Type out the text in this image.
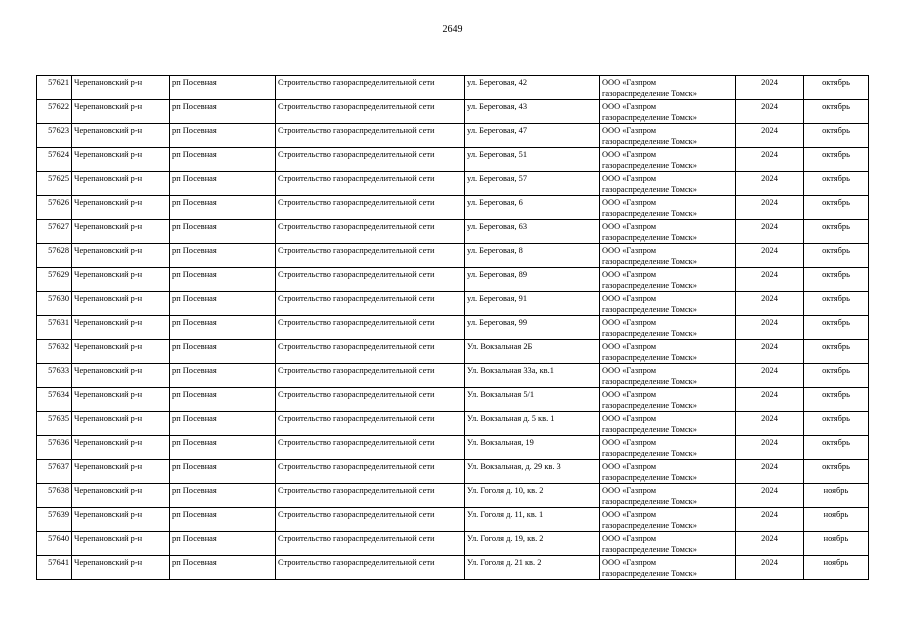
2649
57621	Черепановский р-н	рп Посевная	Строительство газораспределительной сети	ул. Береговая, 42	ООО «Газпром
газораспределение Томск»	2024	октябрь
57622	Черепановский р-н	рп Посевная	Строительство газораспределительной сети	ул. Береговая, 43	ООО «Газпром
газораспределение Томск»	2024	октябрь
57623	Черепановский р-н	рп Посевная	Строительство газораспределительной сети	ул. Береговая, 47	ООО «Газпром
газораспределение Томск»	2024	октябрь
57624	Черепановский р-н	рп Посевная	Строительство газораспределительной сети	ул. Береговая, 51	ООО «Газпром
газораспределение Томск»	2024	октябрь
57625	Черепановский р-н	рп Посевная	Строительство газораспределительной сети	ул. Береговая, 57	ООО «Газпром
газораспределение Томск»	2024	октябрь
57626	Черепановский р-н	рп Посевная	Строительство газораспределительной сети	ул. Береговая, 6	ООО «Газпром
газораспределение Томск»	2024	октябрь
57627	Черепановский р-н	рп Посевная	Строительство газораспределительной сети	ул. Береговая, 63	ООО «Газпром
газораспределение Томск»	2024	октябрь
57628	Черепановский р-н	рп Посевная	Строительство газораспределительной сети	ул. Береговая, 8	ООО «Газпром
газораспределение Томск»	2024	октябрь
57629	Черепановский р-н	рп Посевная	Строительство газораспределительной сети	ул. Береговая, 89	ООО «Газпром
газораспределение Томск»	2024	октябрь
57630	Черепановский р-н	рп Посевная	Строительство газораспределительной сети	ул. Береговая, 91	ООО «Газпром
газораспределение Томск»	2024	октябрь
57631	Черепановский р-н	рп Посевная	Строительство газораспределительной сети	ул. Береговая, 99	ООО «Газпром
газораспределение Томск»	2024	октябрь
57632	Черепановский р-н	рп Посевная	Строительство газораспределительной сети	Ул. Вокзальная 2Б	ООО «Газпром
газораспределение Томск»	2024	октябрь
57633	Черепановский р-н	рп Посевная	Строительство газораспределительной сети	Ул. Вокзальная 33а, кв.1	ООО «Газпром
газораспределение Томск»	2024	октябрь
57634	Черепановский р-н	рп Посевная	Строительство газораспределительной сети	Ул. Вокзальная 5/1	ООО «Газпром
газораспределение Томск»	2024	октябрь
57635	Черепановский р-н	рп Посевная	Строительство газораспределительной сети	Ул. Вокзальная д. 5 кв. 1	ООО «Газпром
газораспределение Томск»	2024	октябрь
57636	Черепановский р-н	рп Посевная	Строительство газораспределительной сети	Ул. Вокзальная, 19	ООО «Газпром
газораспределение Томск»	2024	октябрь
57637	Черепановский р-н	рп Посевная	Строительство газораспределительной сети	Ул. Вокзальная, д. 29 кв. 3	ООО «Газпром
газораспределение Томск»	2024	октябрь
57638	Черепановский р-н	рп Посевная	Строительство газораспределительной сети	Ул. Гоголя д. 10, кв. 2	ООО «Газпром
газораспределение Томск»	2024	ноябрь
57639	Черепановский р-н	рп Посевная	Строительство газораспределительной сети	Ул. Гоголя д. 11, кв. 1	ООО «Газпром
газораспределение Томск»	2024	ноябрь
57640	Черепановский р-н	рп Посевная	Строительство газораспределительной сети	Ул. Гоголя д. 19, кв. 2	ООО «Газпром
газораспределение Томск»	2024	ноябрь
57641	Черепановский р-н	рп Посевная	Строительство газораспределительной сети	Ул. Гоголя д. 21 кв. 2	ООО «Газпром
газораспределение Томск»	2024	ноябрь
